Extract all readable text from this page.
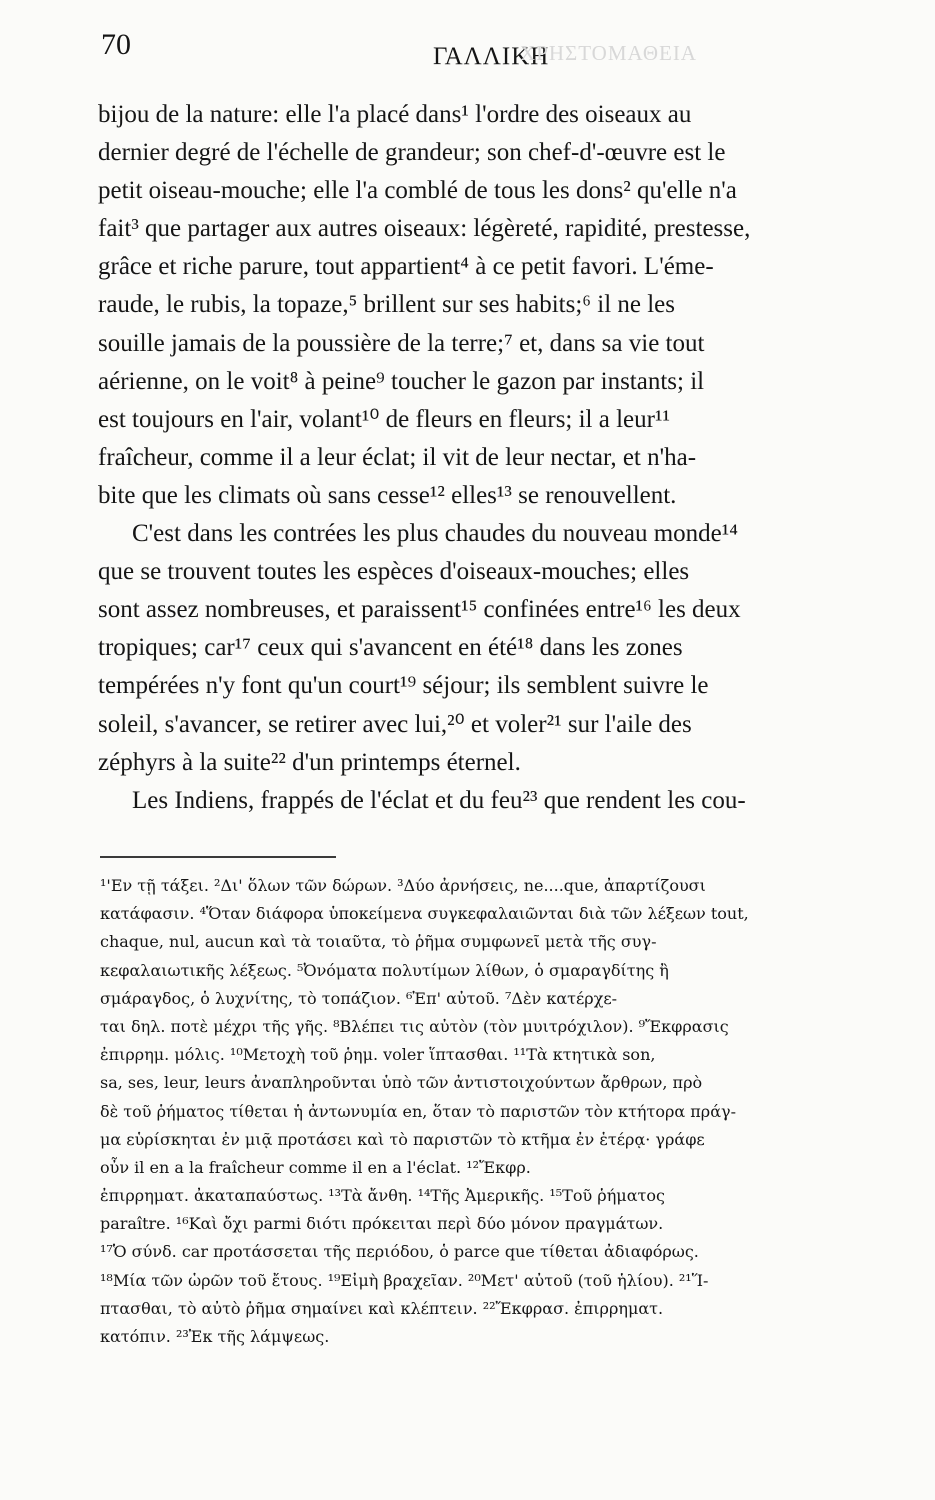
70	ΓΑΛΛΙΚΗ
ΧΡΗΣΤΟΜΑΘΕΙΑ
bijou de la nature: elle l'a placé dans¹ l'ordre des oiseaux au
dernier degré de l'échelle de grandeur; son chef-d'-œuvre est le
petit oiseau-mouche; elle l'a comblé de tous les dons² qu'elle n'a
fait³ que partager aux autres oiseaux: légèreté, rapidité, prestesse,
grâce et riche parure, tout appartient⁴ à ce petit favori. L'éme-
raude, le rubis, la topaze,⁵ brillent sur ses habits;⁶ il ne les
souille jamais de la poussière de la terre;⁷ et, dans sa vie tout
aérienne, on le voit⁸ à peine⁹ toucher le gazon par instants; il
est toujours en l'air, volant¹⁰ de fleurs en fleurs; il a leur¹¹
fraîcheur, comme il a leur éclat; il vit de leur nectar, et n'ha-
bite que les climats où sans cesse¹² elles¹³ se renouvellent.
C'est dans les contrées les plus chaudes du nouveau monde¹⁴
que se trouvent toutes les espèces d'oiseaux-mouches; elles
sont assez nombreuses, et paraissent¹⁵ confinées entre¹⁶ les deux
tropiques; car¹⁷ ceux qui s'avancent en été¹⁸ dans les zones
tempérées n'y font qu'un court¹⁹ séjour; ils semblent suivre le
soleil, s'avancer, se retirer avec lui,²⁰ et voler²¹ sur l'aile des
zéphyrs à la suite²² d'un printemps éternel.
Les Indiens, frappés de l'éclat et du feu²³ que rendent les cou-
¹'Εν τῇ τάξει. ²Δι' ὅλων τῶν δώρων. ³Δύο ἀρνήσεις, ne....que, ἀπαρτίζουσι
κατάφασιν. ⁴Ὅταν διάφορα ὑποκείμενα συγκεφαλαιῶνται διὰ τῶν λέξεων tout,
chaque, nul, aucun καὶ τὰ τοιαῦτα, τὸ ῥῆμα συμφωνεῖ μετὰ τῆς συγ-
κεφαλαιωτικῆς λέξεως. ⁵Ὀνόματα πολυτίμων λίθων, ὁ σμαραγδίτης ἢ
σμάραγδος, ὁ λυχνίτης, τὸ τοπάζιον. ⁶Ἐπ' αὐτοῦ. ⁷Δὲν κατέρχε-
ται δηλ. ποτὲ μέχρι τῆς γῆς. ⁸Βλέπει τις αὐτὸν (τὸν μυιτρόχιλον). ⁹Ἔκφρασις
ἐπιρρημ. μόλις. ¹⁰Μετοχὴ τοῦ ῥημ. voler ἵπτασθαι. ¹¹Τὰ κτητικὰ son,
sa, ses, leur, leurs ἀναπληροῦνται ὑπὸ τῶν ἀντιστοιχούντων ἄρθρων, πρὸ
δὲ τοῦ ῥήματος τίθεται ἡ ἀντωνυμία en, ὅταν τὸ παριστῶν τὸν κτήτορα πράγ-
μα εὑρίσκηται ἐν μιᾷ προτάσει καὶ τὸ παριστῶν τὸ κτῆμα ἐν ἑτέρᾳ· γράφε
οὖν il en a la fraîcheur comme il en a l'éclat. ¹²Ἔκφρ.
ἐπιρρηματ. ἀκαταπαύστως. ¹³Τὰ ἄνθη. ¹⁴Τῆς Ἀμερικῆς. ¹⁵Τοῦ ῥήματος
paraître. ¹⁶Καὶ ὄχι parmi διότι πρόκειται περὶ δύο μόνον πραγμάτων.
¹⁷Ὁ σύνδ. car προτάσσεται τῆς περιόδου, ὁ parce que τίθεται ἀδιαφόρως.
¹⁸Μία τῶν ὡρῶν τοῦ ἔτους. ¹⁹Εἰμὴ βραχεῖαν. ²⁰Μετ' αὐτοῦ (τοῦ ἡλίου). ²¹Ἵ-
πτασθαι, τὸ αὐτὸ ῥῆμα σημαίνει καὶ κλέπτειν. ²²Ἔκφρασ. ἐπιρρηματ.
κατόπιν. ²³Ἐκ τῆς λάμψεως.
